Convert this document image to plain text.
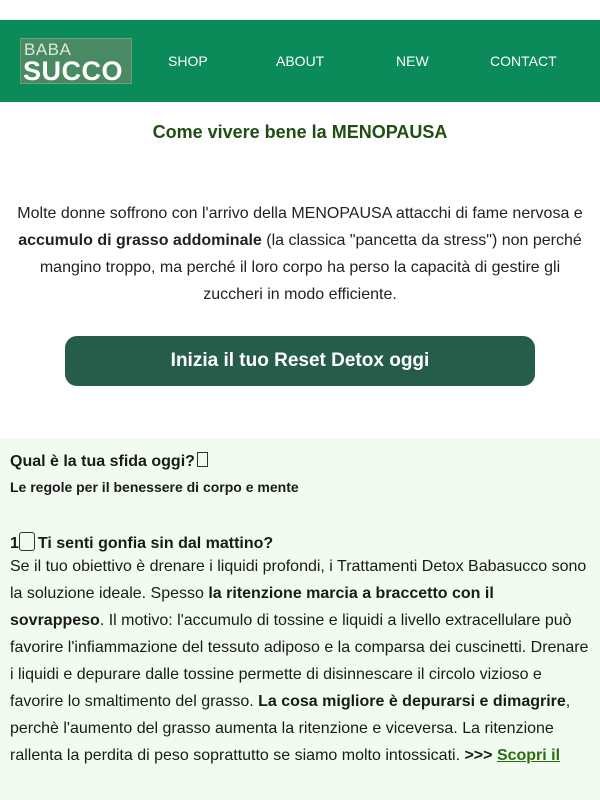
BABA
SUCCO	SHOP	ABOUT	NEW	CONTACT
Come vivere bene la MENOPAUSA
Molte donne soffrono con l'arrivo della MENOPAUSA attacchi di fame nervosa e accumulo di grasso addominale (la classica "pancetta da stress") non perché mangino troppo, ma perché il loro corpo ha perso la capacità di gestire gli zuccheri in modo efficiente.
Inizia il tuo Reset Detox oggi
Qual è la tua sfida oggi?
Le regole per il benessere di corpo e mente
1 Ti senti gonfia sin dal mattino?
Se il tuo obiettivo è drenare i liquidi profondi, i Trattamenti Detox Babasucco sono la soluzione ideale. Spesso la ritenzione marcia a braccetto con il sovrappeso. Il motivo: l'accumulo di tossine e liquidi a livello extracellulare può favorire l'infiammazione del tessuto adiposo e la comparsa dei cuscinetti. Drenare i liquidi e depurare dalle tossine permette di disinnescare il circolo vizioso e favorire lo smaltimento del grasso. La cosa migliore è depurarsi e dimagrire, perchè l'aumento del grasso aumenta la ritenzione e viceversa. La ritenzione rallenta la perdita di peso soprattutto se siamo molto intossicati. >>> Scopri il
